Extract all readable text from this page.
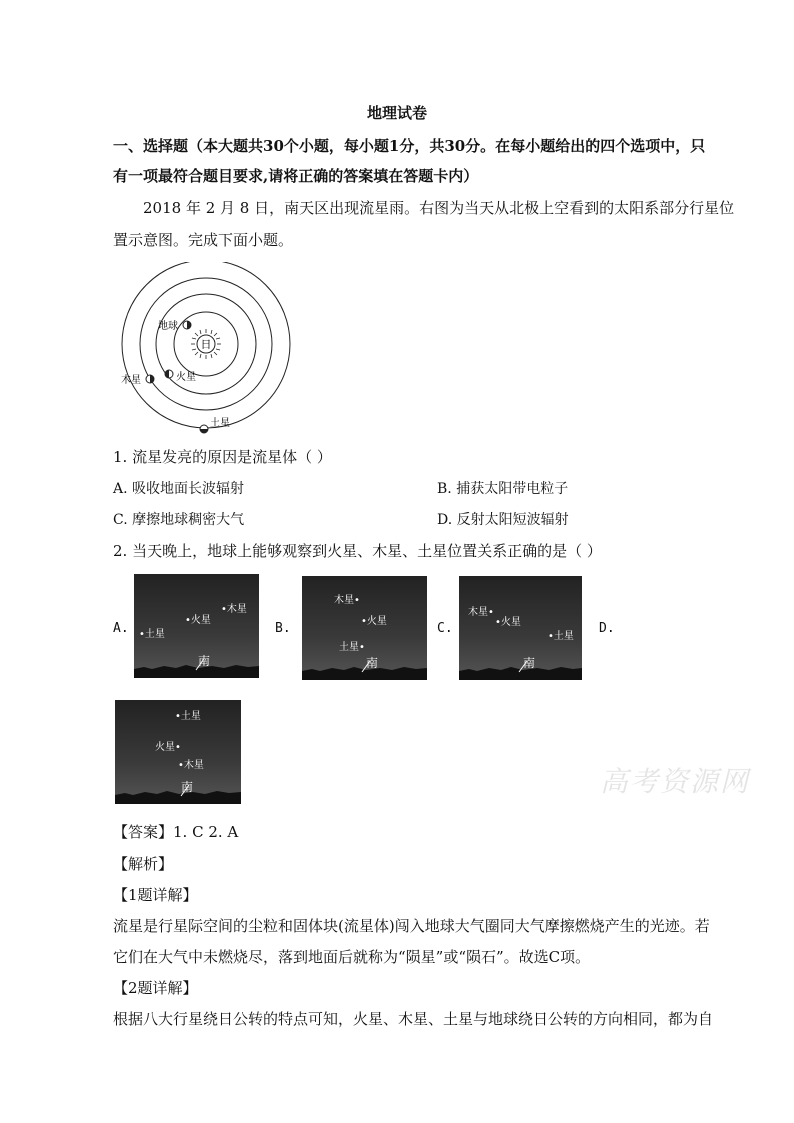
地理试卷
一、选择题（本大题共30个小题，每小题1分，共30分。在每小题给出的四个选项中，只
有一项最符合题目要求,请将正确的答案填在答题卡内）
2018 年 2 月 8 日，南天区出现流星雨。右图为当天从北极上空看到的太阳系部分行星位
置示意图。完成下面小题。
日
地球
火星
木星
土星
1. 流星发亮的原因是流星体（ ）
A. 吸收地面长波辐射	B. 捕获太阳带电粒子
C. 摩擦地球稠密大气	D. 反射太阳短波辐射
2. 当天晚上，地球上能够观察到火星、木星、土星位置关系正确的是（ ）
A.	B.	C.	D.
•木星
•火星
•土星
南
木星•
•火星
土星•
南
木星•
•火星
•土星
南
•土星
火星•
•木星
南	高考资源网
【答案】1. C 2. A
【解析】
【1题详解】
流星是行星际空间的尘粒和固体块(流星体)闯入地球大气圈同大气摩擦燃烧产生的光迹。若
它们在大气中未燃烧尽，落到地面后就称为“陨星”或“陨石”。故选C项。
【2题详解】
根据八大行星绕日公转的特点可知，火星、木星、土星与地球绕日公转的方向相同，都为自
